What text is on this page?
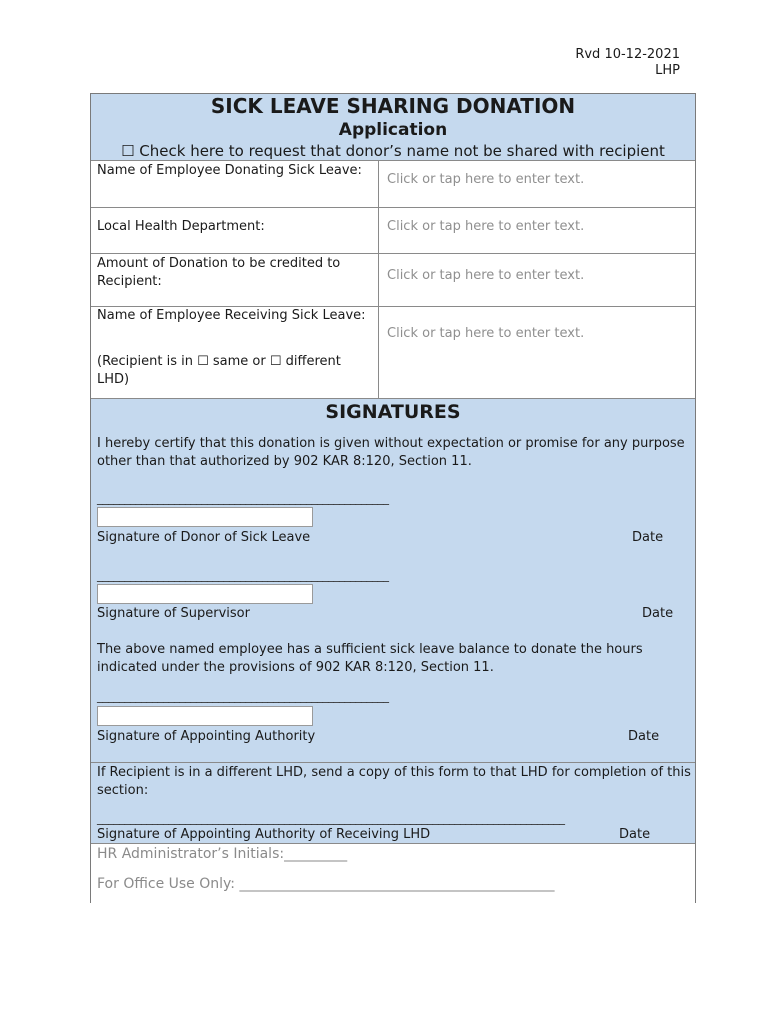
Rvd 10-12-2021
LHP
SICK LEAVE SHARING DONATION
Application
☐ Check here to request that donor’s name not be shared with recipient
Name of Employee Donating Sick Leave:
Click or tap here to enter text.
Local Health Department:	Click or tap here to enter text.
Amount of Donation to be credited to Recipient:	Click or tap here to enter text.
Name of Employee Receiving Sick Leave:
(Recipient is in ☐ same or ☐ different LHD)
Click or tap here to enter text.
SIGNATURES
I hereby certify that this donation is given without expectation or promise for any purpose other than that authorized by 902 KAR 8:120, Section 11.
_____________________________________________________
Signature of Donor of Sick Leave	Date
_____________________________________________________
Signature of Supervisor	Date
The above named employee has a sufficient sick leave balance to donate the hours indicated under the provisions of 902 KAR 8:120, Section 11.
_____________________________________________________
Signature of Appointing Authority	Date
If Recipient is in a different LHD, send a copy of this form to that LHD for completion of this section:
_____________________________________________________________________________________
Signature of Appointing Authority of Receiving LHD	Date
HR Administrator’s Initials:_________
For Office Use Only: _____________________________________________
